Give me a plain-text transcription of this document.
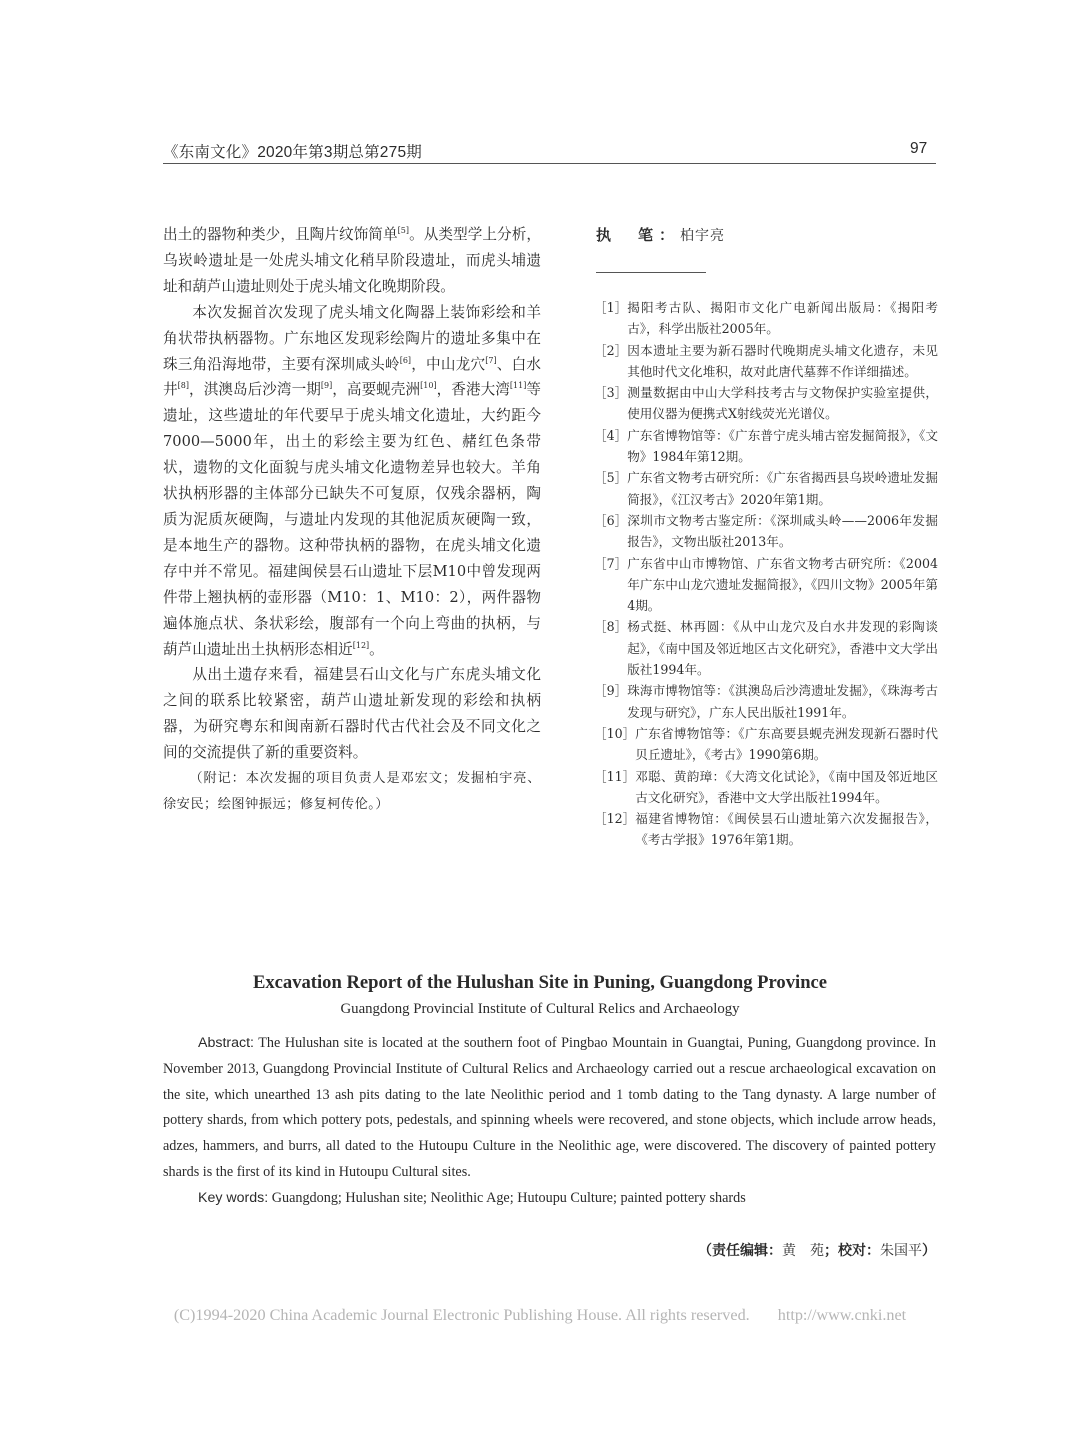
《东南文化》2020年第3期总第275期	97

出土的器物种类少，且陶片纹饰简单[5]。从类型学上分析，乌崁岭遗址是一处虎头埔文化稍早阶段遗址，而虎头埔遗址和葫芦山遗址则处于虎头埔文化晚期阶段。

本次发掘首次发现了虎头埔文化陶器上装饰彩绘和羊角状带执柄器物。广东地区发现彩绘陶片的遗址多集中在珠三角沿海地带，主要有深圳咸头岭[6]，中山龙穴[7]、白水井[8]，淇澳岛后沙湾一期[9]，高要蚬壳洲[10]，香港大湾[11]等遗址，这些遗址的年代要早于虎头埔文化遗址，大约距今7000—5000年，出土的彩绘主要为红色、赭红色条带状，遗物的文化面貌与虎头埔文化遗物差异也较大。羊角状执柄形器的主体部分已缺失不可复原，仅残余器柄，陶质为泥质灰硬陶，与遗址内发现的其他泥质灰硬陶一致，是本地生产的器物。这种带执柄的器物，在虎头埔文化遗存中并不常见。福建闽侯昙石山遗址下层M10中曾发现两件带上翘执柄的壶形器（M10：1、M10：2），两件器物遍体施点状、条状彩绘，腹部有一个向上弯曲的执柄，与葫芦山遗址出土执柄形态相近[12]。

从出土遗存来看，福建昙石山文化与广东虎头埔文化之间的联系比较紧密，葫芦山遗址新发现的彩绘和执柄器，为研究粤东和闽南新石器时代古代社会及不同文化之间的交流提供了新的重要资料。

（附记：本次发掘的项目负责人是邓宏文；发掘柏宇亮、徐安民；绘图钟振远；修复柯传伦。）

执　笔：柏宇亮
［1］ 揭阳考古队、揭阳市文化广电新闻出版局：《揭阳考古》，科学出版社2005年。
［2］ 因本遗址主要为新石器时代晚期虎头埔文化遗存，未见其他时代文化堆积，故对此唐代墓葬不作详细描述。
［3］ 测量数据由中山大学科技考古与文物保护实验室提供，使用仪器为便携式X射线荧光光谱仪。
［4］ 广东省博物馆等：《广东普宁虎头埔古窑发掘简报》，《文物》1984年第12期。
［5］ 广东省文物考古研究所：《广东省揭西县乌崁岭遗址发掘简报》，《江汉考古》2020年第1期。
［6］ 深圳市文物考古鉴定所：《深圳咸头岭——2006年发掘报告》，文物出版社2013年。
［7］ 广东省中山市博物馆、广东省文物考古研究所：《2004年广东中山龙穴遗址发掘简报》，《四川文物》2005年第4期。
［8］ 杨式挺、林再圆：《从中山龙穴及白水井发现的彩陶谈起》，《南中国及邻近地区古文化研究》，香港中文大学出版社1994年。
［9］ 珠海市博物馆等：《淇澳岛后沙湾遗址发掘》，《珠海考古发现与研究》，广东人民出版社1991年。
［10］ 广东省博物馆等：《广东高要县蚬壳洲发现新石器时代贝丘遗址》，《考古》1990第6期。
［11］ 邓聪、黄韵璋：《大湾文化试论》，《南中国及邻近地区古文化研究》，香港中文大学出版社1994年。
［12］ 福建省博物馆：《闽侯昙石山遗址第六次发掘报告》，《考古学报》1976年第1期。
Excavation Report of the Hulushan Site in Puning, Guangdong Province
Guangdong Provincial Institute of Cultural Relics and Archaeology

Abstract: The Hulushan site is located at the southern foot of Pingbao Mountain in Guangtai, Puning, Guangdong province. In November 2013, Guangdong Provincial Institute of Cultural Relics and Archaeology carried out a rescue archaeological excavation on the site, which unearthed 13 ash pits dating to the late Neolithic period and 1 tomb dating to the Tang dynasty. A large number of pottery shards, from which pottery pots, pedestals, and spinning wheels were recovered, and stone objects, which include arrow heads, adzes, hammers, and burrs, all dated to the Hutoupu Culture in the Neolithic age, were discovered. The discovery of painted pottery shards is the first of its kind in Hutoupu Cultural sites.

Key words: Guangdong; Hulushan site; Neolithic Age; Hutoupu Culture; painted pottery shards

（责任编辑：黄　苑；校对：朱国平）
(C)1994-2020 China Academic Journal Electronic Publishing House. All rights reserved. http://www.cnki.net
